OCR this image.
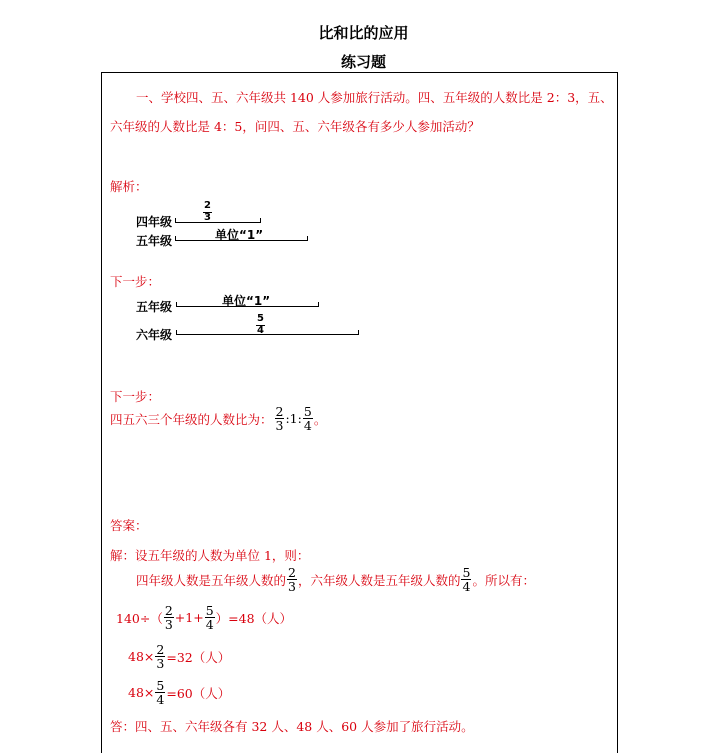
比和比的应用
练习题
一、学校四、五、六年级共 140 人参加旅行活动。四、五年级的人数比是 2：3，五、
六年级的人数比是 4：5，问四、五、六年级各有多少人参加活动？
解析：
$\frac{2}{3}$
四年级
单位“1”
五年级
下一步：
单位“1”
五年级
$\frac{5}{4}$
六年级
下一步：
四五六三个年级的人数比为： $\frac{2}{3}$ :1: $\frac{5}{4}$ 。
答案：
解：设五年级的人数为单位 1，则：
四年级人数是五年级人数的 $\frac{2}{3}$ ，六年级人数是五年级人数的 $\frac{5}{4}$ 。所以有：
$140\div( \frac{2}{3} +1+ \frac{5}{4} )=48$（人）
$48\times \frac{2}{3} =32$（人）
$48\times \frac{5}{4} =60$（人）
答：四、五、六年级各有 32 人、48 人、60 人参加了旅行活动。
